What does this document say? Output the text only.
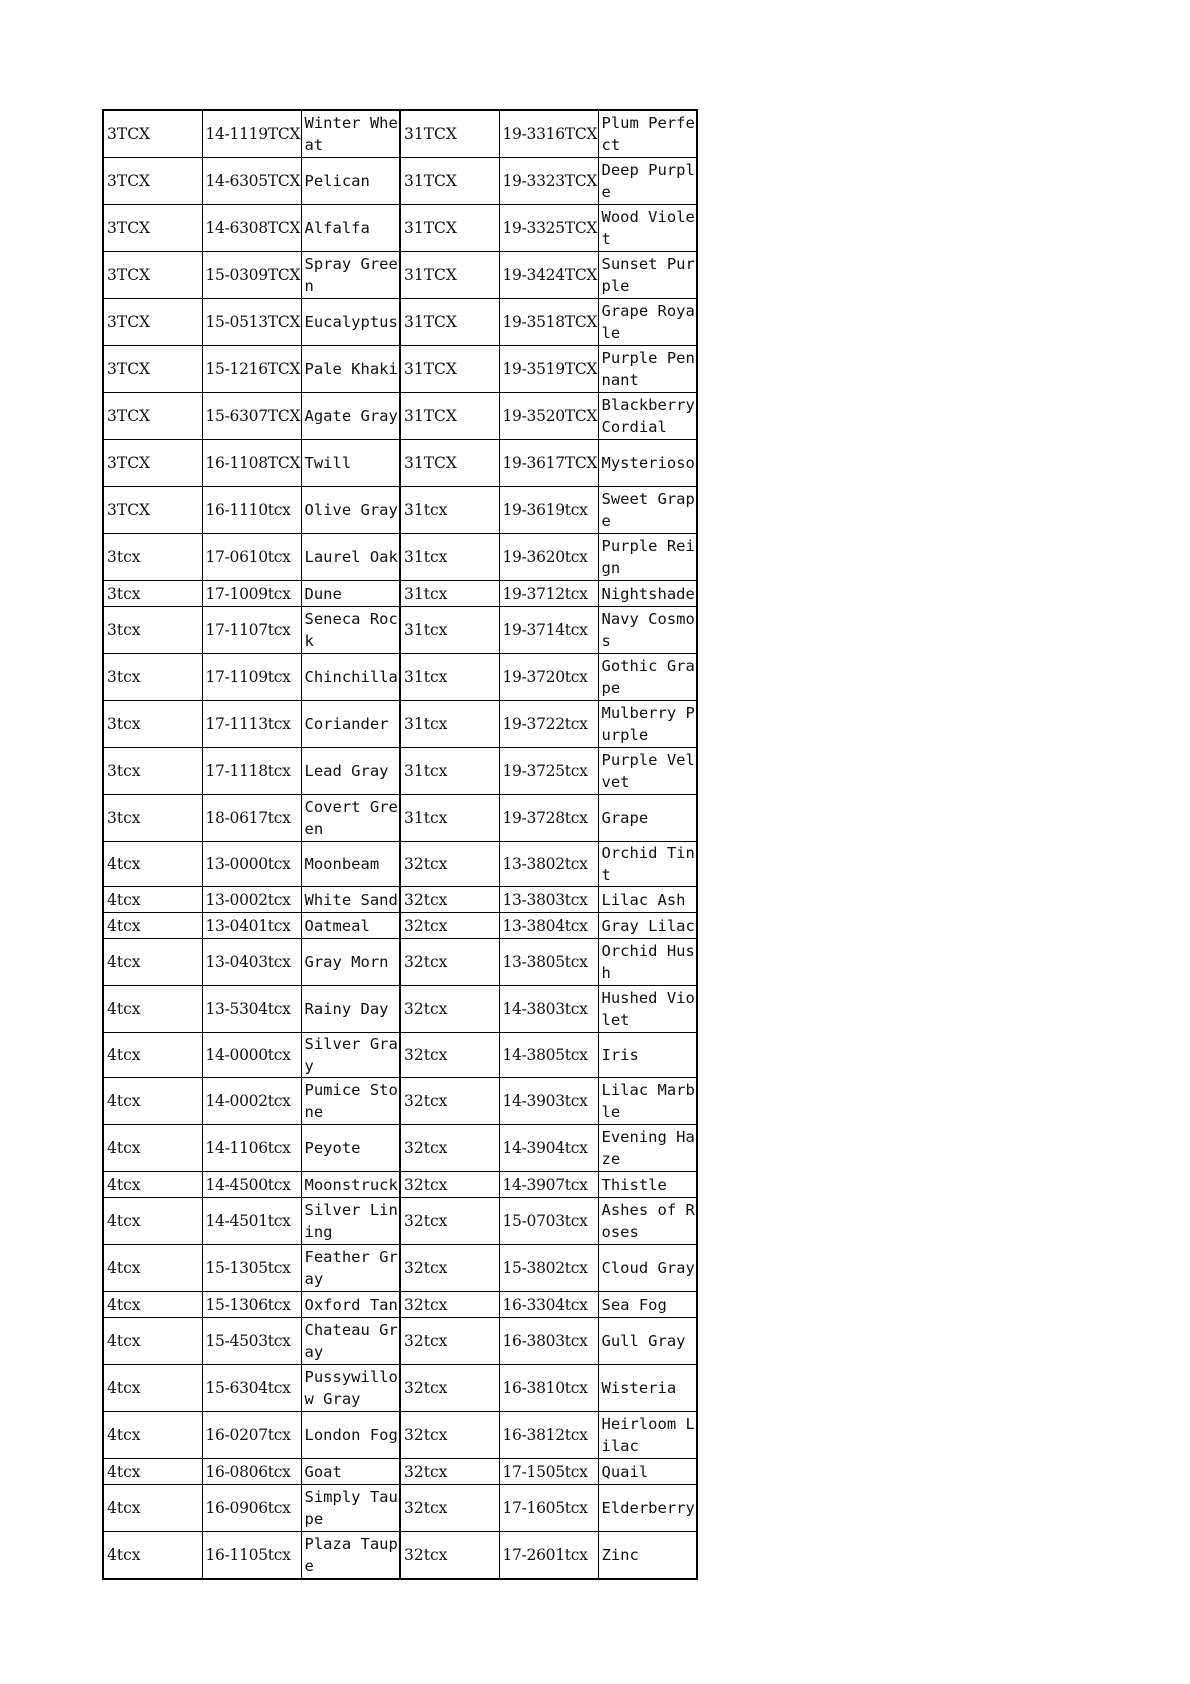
3TCX	14-1119TCX	Winter Wheat	31TCX	19-3316TCX	Plum Perfect
3TCX	14-6305TCX	Pelican	31TCX	19-3323TCX	Deep Purple
3TCX	14-6308TCX	Alfalfa	31TCX	19-3325TCX	Wood Violet
3TCX	15-0309TCX	Spray Green	31TCX	19-3424TCX	Sunset Purple
3TCX	15-0513TCX	Eucalyptus	31TCX	19-3518TCX	Grape Royale
3TCX	15-1216TCX	Pale Khaki	31TCX	19-3519TCX	Purple Pennant
3TCX	15-6307TCX	Agate Gray	31TCX	19-3520TCX	Blackberry Cordial
3TCX	16-1108TCX	Twill	31TCX	19-3617TCX	Mysterioso
3TCX	16-1110tcx	Olive Gray	31tcx	19-3619tcx	Sweet Grape
3tcx	17-0610tcx	Laurel Oak	31tcx	19-3620tcx	Purple Reign
3tcx	17-1009tcx	Dune	31tcx	19-3712tcx	Nightshade
3tcx	17-1107tcx	Seneca Rock	31tcx	19-3714tcx	Navy Cosmos
3tcx	17-1109tcx	Chinchilla	31tcx	19-3720tcx	Gothic Grape
3tcx	17-1113tcx	Coriander	31tcx	19-3722tcx	Mulberry Purple
3tcx	17-1118tcx	Lead Gray	31tcx	19-3725tcx	Purple Velvet
3tcx	18-0617tcx	Covert Green	31tcx	19-3728tcx	Grape
4tcx	13-0000tcx	Moonbeam	32tcx	13-3802tcx	Orchid Tint
4tcx	13-0002tcx	White Sand	32tcx	13-3803tcx	Lilac Ash
4tcx	13-0401tcx	Oatmeal	32tcx	13-3804tcx	Gray Lilac
4tcx	13-0403tcx	Gray Morn	32tcx	13-3805tcx	Orchid Hush
4tcx	13-5304tcx	Rainy Day	32tcx	14-3803tcx	Hushed Violet
4tcx	14-0000tcx	Silver Gray	32tcx	14-3805tcx	Iris
4tcx	14-0002tcx	Pumice Stone	32tcx	14-3903tcx	Lilac Marble
4tcx	14-1106tcx	Peyote	32tcx	14-3904tcx	Evening Haze
4tcx	14-4500tcx	Moonstruck	32tcx	14-3907tcx	Thistle
4tcx	14-4501tcx	Silver Lining	32tcx	15-0703tcx	Ashes of Roses
4tcx	15-1305tcx	Feather Gray	32tcx	15-3802tcx	Cloud Gray
4tcx	15-1306tcx	Oxford Tan	32tcx	16-3304tcx	Sea Fog
4tcx	15-4503tcx	Chateau Gray	32tcx	16-3803tcx	Gull Gray
4tcx	15-6304tcx	Pussywillow Gray	32tcx	16-3810tcx	Wisteria
4tcx	16-0207tcx	London Fog	32tcx	16-3812tcx	Heirloom Lilac
4tcx	16-0806tcx	Goat	32tcx	17-1505tcx	Quail
4tcx	16-0906tcx	Simply Taupe	32tcx	17-1605tcx	Elderberry
4tcx	16-1105tcx	Plaza Taupe	32tcx	17-2601tcx	Zinc
